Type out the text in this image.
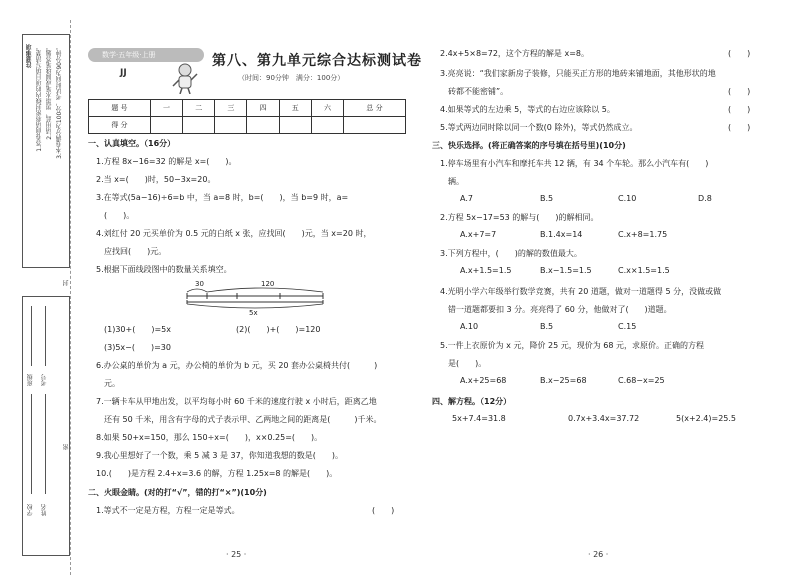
注意事项 1.答卷前请将密封线内的项目填写清楚。 2.请用蓝、黑墨水笔或圆珠笔答题。 3.本卷满分为100分，考试时间为90分钟。
封
学校 姓名
班级 考号
密
数学·五年级·上册
JJ
第八、第九单元综合达标测试卷
（时间：90分钟　满分：100分）
题 号	一	二	三	四	五	六	总 分
得 分							
一、认真填空。（16分）
1.方程 8x−16=32 的解是 x=(　　)。
2.当 x=(　　)时，50−3x=20。
3.在等式(5a−16)÷6=b 中，当 a=8 时，b=(　　)，当 b=9 时，a=
(　　)。
4.刘红付 20 元买单价为 0.5 元的白纸 x 张，应找回(　　)元，当 x=20 时，
应找回(　　)元。
5.根据下面线段图中的数量关系填空。
30	120
5x
(1)30+(　　)=5x	(2)(　　)+(　　)=120
(3)5x−(　　)=30
6.办公桌的单价为 a 元，办公椅的单价为 b 元，买 20 套办公桌椅共付(　　　)
元。
7.一辆卡车从甲地出发，以平均每小时 60 千米的速度行驶 x 小时后，距离乙地
还有 50 千米，用含有字母的式子表示甲、乙两地之间的距离是(　　　)千米。
8.如果 50+x=150，那么 150÷x=(　　)，x×0.25=(　　)。
9.我心里想好了一个数，乘 5 减 3 是 37，你知道我想的数是(　　)。
10.(　　)是方程 2.4+x=3.6 的解，方程 1.25x=8 的解是(　　)。
二、火眼金睛。(对的打“√”，错的打“×”)(10分)
1.等式不一定是方程，方程一定是等式。	(　　)
· 25 ·
2.4x+5×8=72，这个方程的解是 x=8。	(　　)
3.亮亮说：“我们家新房子装修，只能买正方形的地砖来铺地面，其他形状的地
砖都不能密铺”。	(　　)
4.如果等式的左边乘 5，等式的右边应该除以 5。	(　　)
5.等式两边同时除以同一个数(0 除外)，等式仍然成立。	(　　)
三、快乐选择。(将正确答案的序号填在括号里)(10分)
1.停车场里有小汽车和摩托车共 12 辆，有 34 个车轮。那么小汽车有(　　)
辆。
A.7	B.5	C.10	D.8
2.方程 5x−17=53 的解与(　　)的解相同。
A.x+7=7	B.1.4x=14	C.x+8=1.75
3.下列方程中，(　　)的解的数值最大。
A.x+1.5=1.5	B.x−1.5=1.5	C.x×1.5=1.5
4.光明小学六年级举行数学竞赛，共有 20 道题，做对一道题得 5 分，没做或做
错一道题都要扣 3 分。亮亮得了 60 分，他做对了(　　)道题。
A.10	B.5	C.15
5.一件上衣原价为 x 元，降价 25 元，现价为 68 元，求原价。正确的方程
是(　　)。
A.x+25=68	B.x−25=68	C.68−x=25
四、解方程。（12分）
5x+7.4=31.8	0.7x+3.4x=37.72	5(x+2.4)=25.5
· 26 ·
